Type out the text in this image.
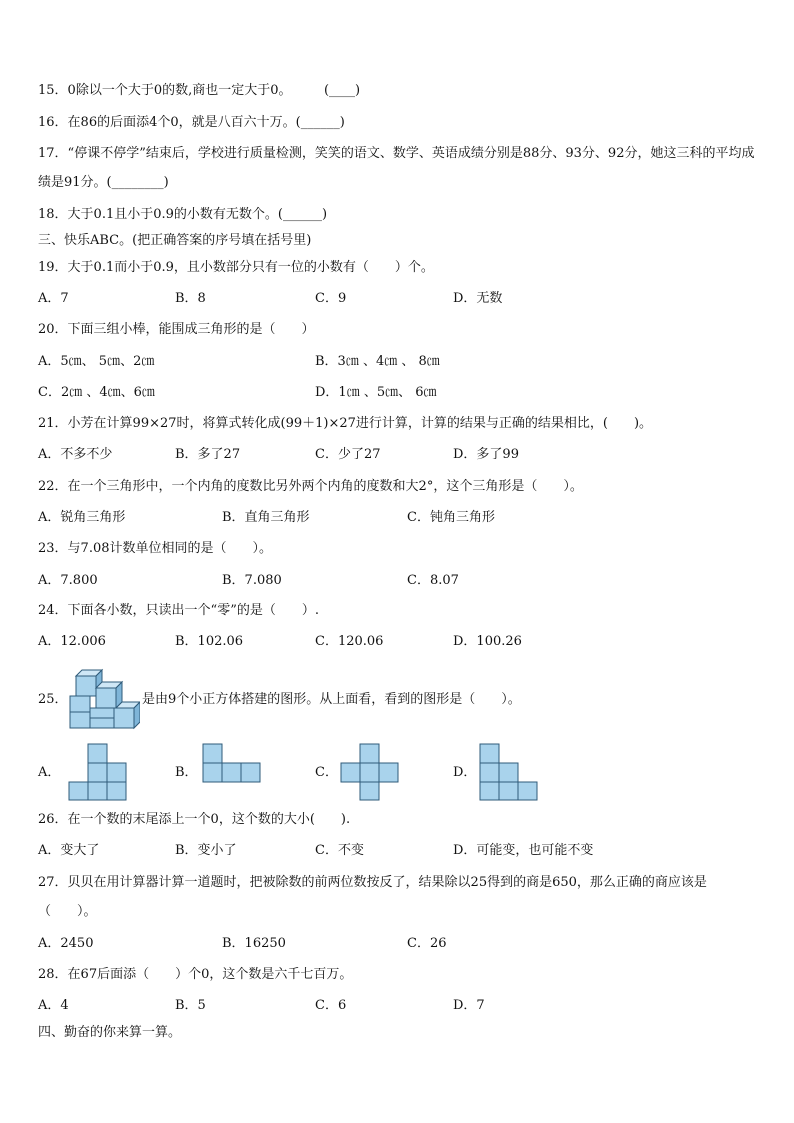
15．0除以一个大于0的数,商也一定大于0。　　　(____)
16．在86的后面添4个0，就是八百六十万。(______)
17．“停课不停学”结束后，学校进行质量检测，笑笑的语文、数学、英语成绩分别是88分、93分、92分，她这三科的平均成绩是91分。(________)
18．大于0.1且小于0.9的小数有无数个。(______)
三、快乐ABC。(把正确答案的序号填在括号里)
19．大于0.1而小于0.9，且小数部分只有一位的小数有（　　）个。
A．7	B．8	C．9	D．无数
20．下面三组小棒，能围成三角形的是（　　）
A．5㎝、 5㎝、2㎝	B．3㎝ 、4㎝ 、 8㎝
C．2㎝ 、4㎝、6㎝	D．1㎝ 、5㎝、 6㎝
21．小芳在计算99×27时，将算式转化成(99＋1)×27进行计算，计算的结果与正确的结果相比，(　　)。
A．不多不少	B．多了27	C．少了27	D．多了99
22．在一个三角形中，一个内角的度数比另外两个内角的度数和大2°，这个三角形是（　　）。
A．锐角三角形	B．直角三角形	C．钝角三角形
23．与7.08计数单位相同的是（　　）。
A．7.800	B．7.080	C．8.07
24．下面各小数，只读出一个“零”的是（　　）.
A．12.006	B．102.06	C．120.06	D．100.26
25．	是由9个小正方体搭建的图形。从上面看，看到的图形是（　　）。
A．	B．	C．	D．
26．在一个数的末尾添上一个0，这个数的大小(　　).
A．变大了	B．变小了	C．不变	D．可能变，也可能不变
27．贝贝在用计算器计算一道题时，把被除数的前两位数按反了，结果除以25得到的商是650，那么正确的商应该是（　　）。
A．2450	B．16250	C．26
28．在67后面添（　　）个0，这个数是六千七百万。
A．4	B．5	C．6	D．7
四、勤奋的你来算一算。
